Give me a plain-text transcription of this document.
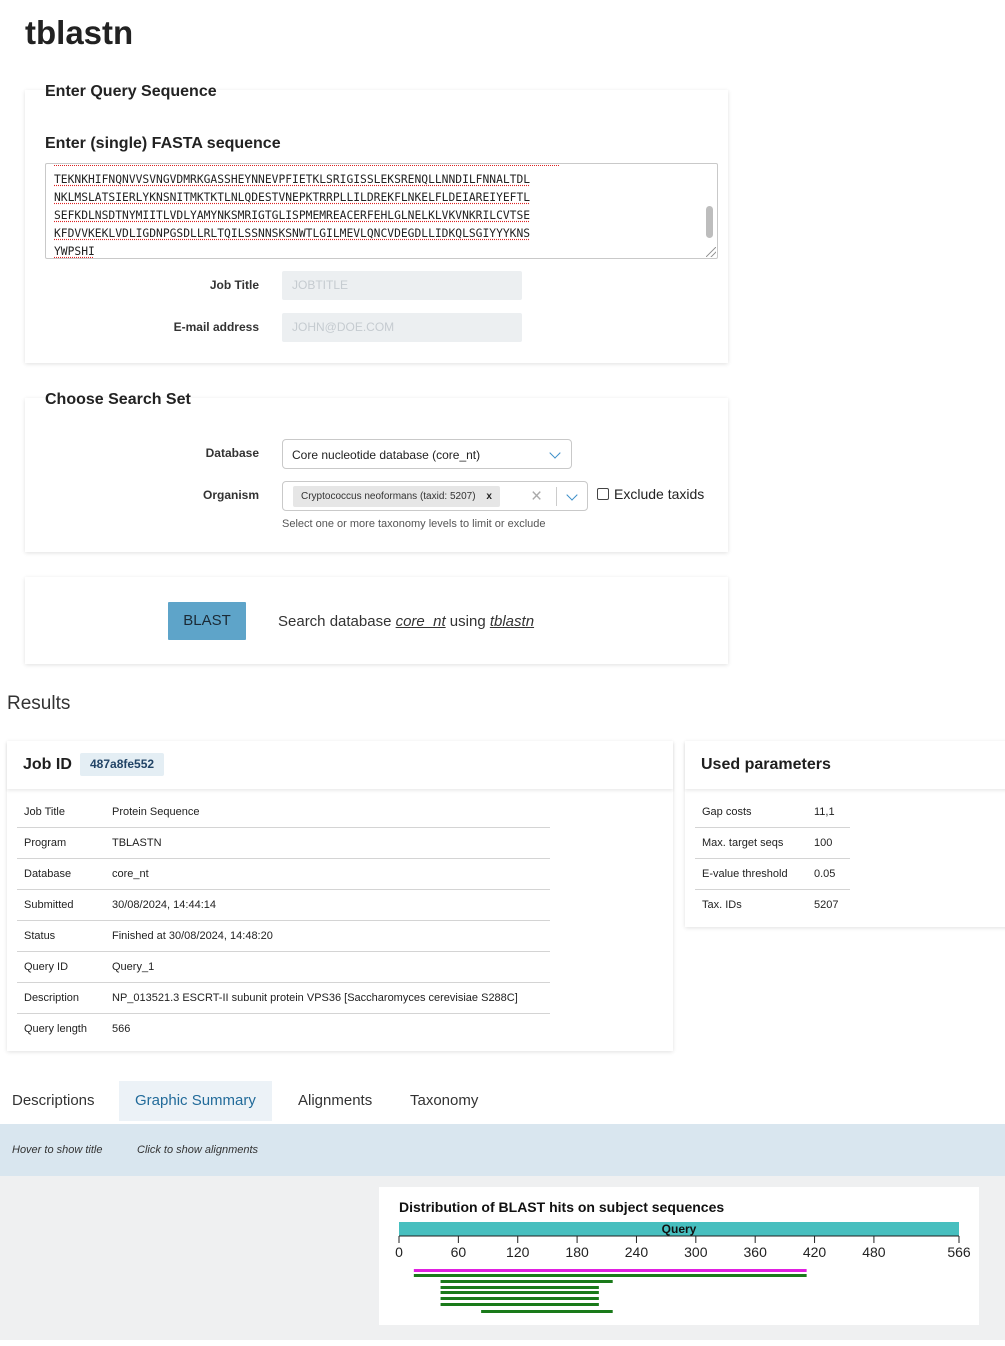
tblastn
Enter Query Sequence
Enter (single) FASTA sequence
TEKNKHIFNQNVVSVNGVDMRKGASSHEYNNEVPFIETKLSRIGISSLEKSRENQLLNNDILFNNALTDL
NKLMSLATSIERLYKNSNITMKTKTLNLQDESTVNEPKTRRPLLILDREKFLNKELFLDEIAREIYEFTL
SEFKDLNSDTNYMIITLVDLYAMYNKSMRIGTGLISPMEMREACERFEHLGLNELKLVKVNKRILCVTSE
KFDVVKEKLVDLIGDNPGSDLLRLTQILSSNNSKSNWTLGILMEVLQNCVDEGDLLIDKQLSGIYYYKNS
YWPSHI
Job Title	JOBTITLE
E-mail address	JOHN@DOE.COM
Choose Search Set
Database	Core nucleotide database (core_nt)
Organism	Cryptococcus neoformans (taxid: 5207) x	×	Exclude taxids
Select one or more taxonomy levels to limit or exclude
BLAST	Search database core_nt using tblastn
Results
Job ID	487a8fe552
Job Title	Protein Sequence
Program	TBLASTN
Database	core_nt
Submitted	30/08/2024, 14:44:14
Status	Finished at 30/08/2024, 14:48:20
Query ID	Query_1
Description	NP_013521.3 ESCRT-II subunit protein VPS36 [Saccharomyces cerevisiae S288C]
Query length 566
Used parameters
Gap costs	11,1
Max. target seqs	100
E-value threshold 0.05
Tax. IDs	5207
Descriptions	Graphic Summary	Alignments	Taxonomy
Hover to show title	Click to show alignments
Distribution of BLAST hits on subject sequences
Query
0	60	120	180	240	300	360	420	480	566
